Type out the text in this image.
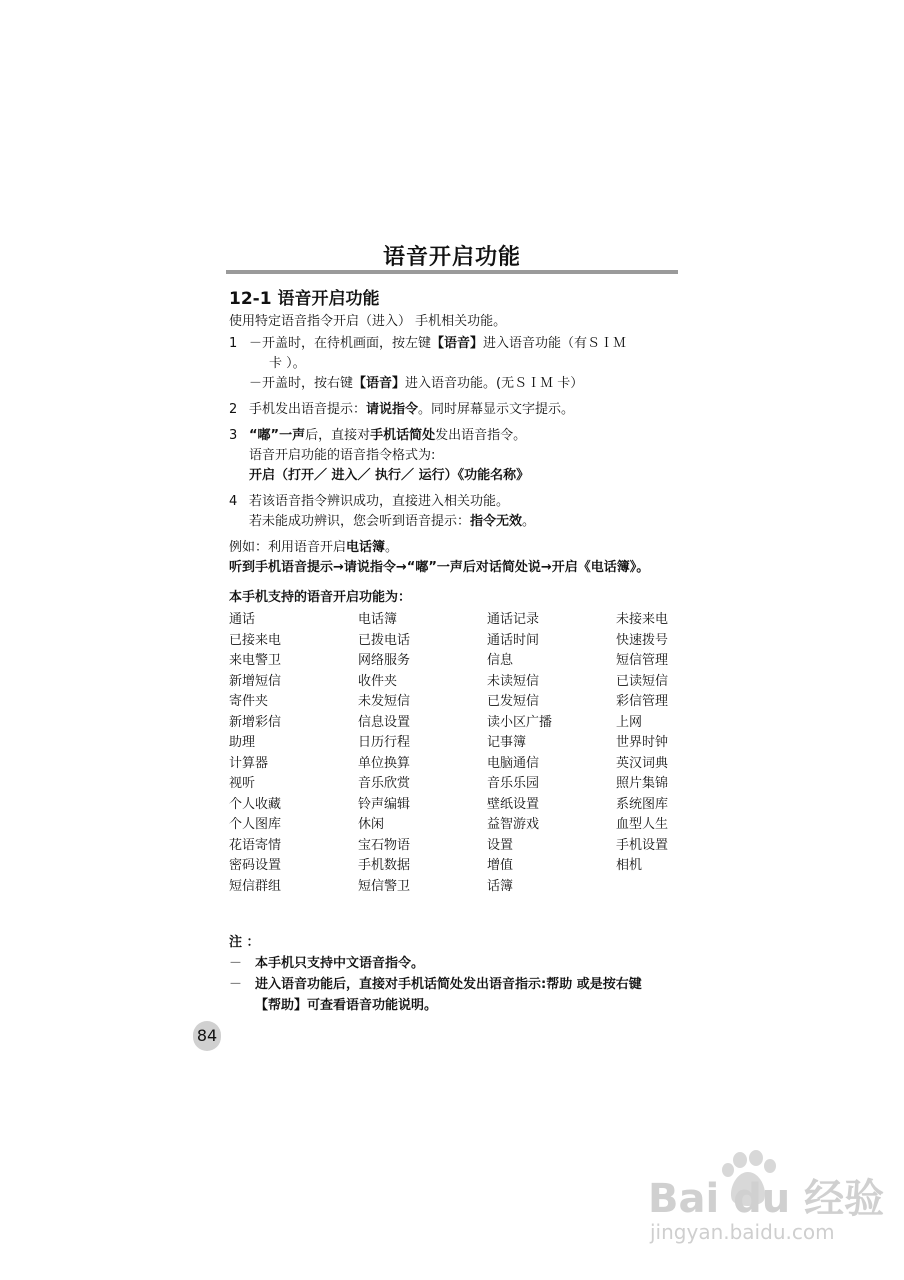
语音开启功能
12-1 语音开启功能
使用特定语音指令开启（进入） 手机相关功能。
1 －开盖时，在待机画面，按左键【语音】进入语音功能（有ＳＩＭ
卡 ）。
－开盖时，按右键【语音】进入语音功能。(无ＳＩＭ 卡）
2 手机发出语音提示：请说指令。同时屏幕显示文字提示。
3 “嘟”一声后，直接对手机话简处发出语音指令。
语音开启功能的语音指令格式为:
开启（打开／ 进入／ 执行／ 运行）《功能名称》
4 若该语音指令辨识成功，直接进入相关功能。
若未能成功辨识，您会听到语音提示：指令无效。
例如：利用语音开启电话簿。
听到手机语音提示→请说指令→“嘟”一声后对话简处说→开启《电话簿》。
本手机支持的语音开启功能为：
通话	电话簿	通话记录	未接来电
已接来电	已拨电话	通话时间	快速拨号
来电警卫	网络服务	信息	短信管理
新增短信	收件夹	未读短信	已读短信
寄件夹	未发短信	已发短信	彩信管理
新增彩信	信息设置	读小区广播	上网
助理	日历行程	记事簿	世界时钟
计算器	单位换算	电脑通信	英汉词典
视听	音乐欣赏	音乐乐园	照片集锦
个人收藏	铃声编辑	壁纸设置	系统图库
个人图库	休闲	益智游戏	血型人生
花语寄情	宝石物语	设置	手机设置
密码设置	手机数据	增值	相机
短信群组	短信警卫	话簿
注 ：
－ 本手机只支持中文语音指令。
－ 进入语音功能后，直接对手机话简处发出语音指示:帮助 或是按右键
【帮助】可查看语音功能说明。
84
Bai du 经验
jingyan.baidu.com
